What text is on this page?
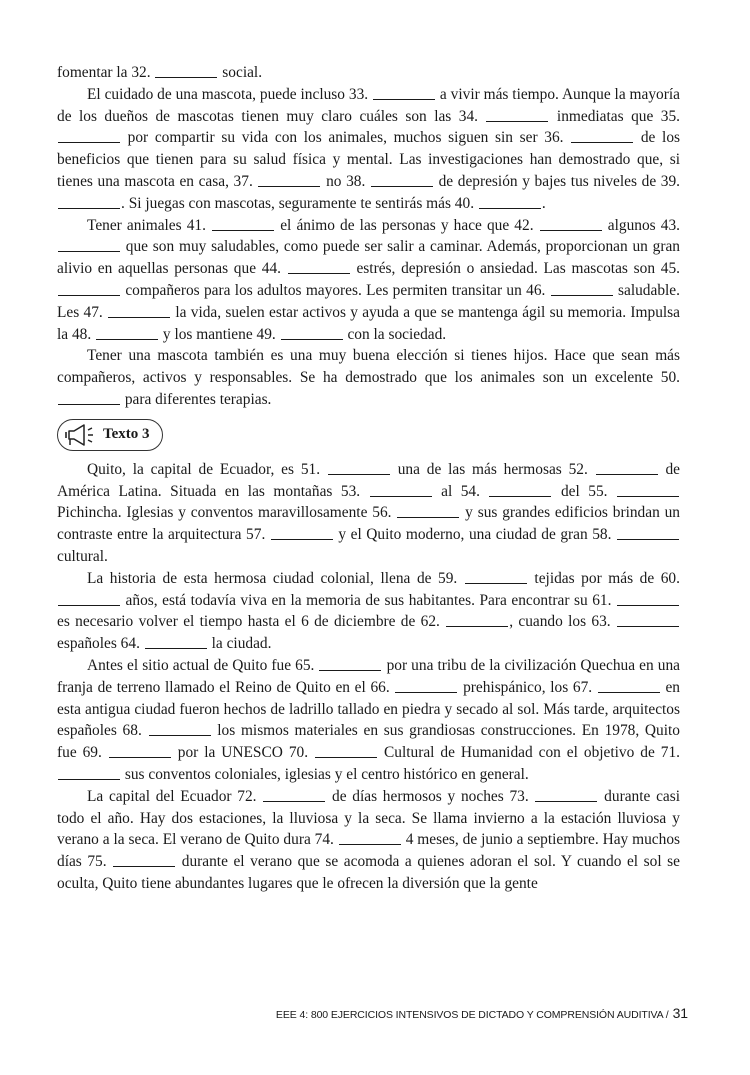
fomentar la 32.	social.

El cuidado de una mascota, puede incluso 33.	a vivir más tiempo. Aunque la mayoría de los dueños de mascotas tienen muy claro cuáles son las 34.	inmediatas que 35.  por compartir su vida con los animales, muchos siguen sin ser 36.	de los beneficios que tienen para su salud física y mental. Las investigaciones han demostrado que, si tienes una mascota en casa, 37.	no 38.	de depresión y bajes tus niveles de 39. . Si juegas con mascotas, seguramente te sentirás más 40.	.

Tener animales 41.	el ánimo de las personas y hace que 42.	algunos 43.  que son muy saludables, como puede ser salir a caminar. Además, proporcionan un gran alivio en aquellas personas que 44.	estrés, depresión o ansiedad. Las mascotas son 45.  compañeros para los adultos mayores. Les permiten transitar un 46.	saludable. Les 47.	la vida, suelen estar activos y ayuda a que se mantenga ágil su memoria. Impulsa la 48.	y los mantiene 49.	con la sociedad.

Tener una mascota también es una muy buena elección si tienes hijos. Hace que sean más compañeros, activos y responsables. Se ha demostrado que los animales son un excelente 50.  para diferentes terapias.

Texto 3

Quito, la capital de Ecuador, es 51.	una de las más hermosas 52.	de América Latina. Situada en las montañas 53.	al 54.	del 55.  Pichincha. Iglesias y conventos maravillosamente 56.	y sus grandes edificios brindan un contraste entre la arquitectura 57.	y el Quito moderno, una ciudad de gran 58.  cultural.

La historia de esta hermosa ciudad colonial, llena de 59.	tejidas por más de 60.  años, está todavía viva en la memoria de sus habitantes. Para encontrar su 61.  es necesario volver el tiempo hasta el 6 de diciembre de 62.	, cuando los 63.  españoles 64.	la ciudad.

Antes el sitio actual de Quito fue 65.	por una tribu de la civilización Quechua en una franja de terreno llamado el Reino de Quito en el 66.	prehispánico, los 67.	en esta antigua ciudad fueron hechos de ladrillo tallado en piedra y secado al sol. Más tarde, arquitectos españoles 68.	los mismos materiales en sus grandiosas construcciones. En 1978, Quito fue 69.	por la UNESCO 70.	Cultural de Humanidad con el objetivo de 71.  sus conventos coloniales, iglesias y el centro histórico en general.

La capital del Ecuador 72.	de días hermosos y noches 73.	durante casi todo el año. Hay dos estaciones, la lluviosa y la seca. Se llama invierno a la estación lluviosa y verano a la seca. El verano de Quito dura 74.	4 meses, de junio a septiembre. Hay muchos días 75.	durante el verano que se acomoda a quienes adoran el sol. Y cuando el sol se oculta, Quito tiene abundantes lugares que le ofrecen la diversión que la gente

EEE 4: 800 EJERCICIOS INTENSIVOS DE DICTADO Y COMPRENSIÓN AUDITIVA / 31
